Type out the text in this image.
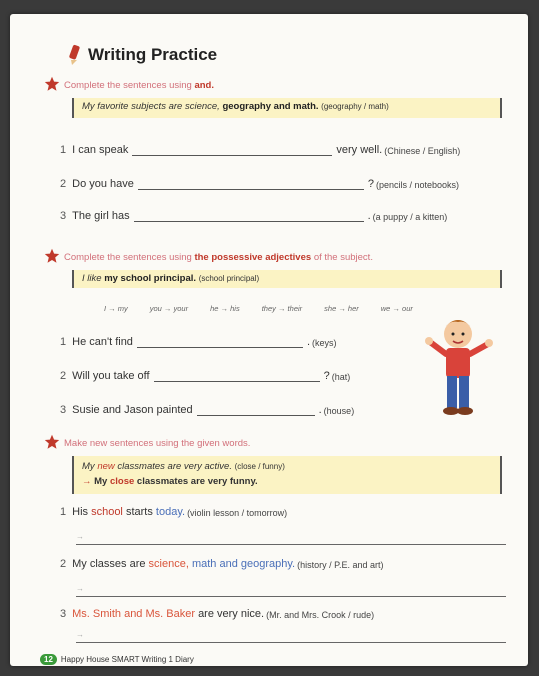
Writing Practice
Complete the sentences using and.
My favorite subjects are science, geography and math. (geography / math)
1 I can speak	very well. (Chinese / English)
2 Do you have	? (pencils / notebooks)
3 The girl has	. (a puppy / a kitten)
Complete the sentences using the possessive adjectives of the subject.
I like my school principal. (school principal)
I → my	you → your	he → his	they → their	she → her	we → our
1 He can't find	. (keys)
2 Will you take off	? (hat)
3 Susie and Jason painted	. (house)
Make new sentences using the given words.
My new classmates are very active. (close / funny)
→ My close classmates are very funny.
1 His
school
starts
today. (violin lesson / tomorrow)
→
2 My classes are
science,
math and geography. (history / P.E. and art)
→
3 Ms. Smith and Ms. Baker
are very nice. (Mr. and Mrs. Crook / rude)
→
12	Happy House SMART Writing 1 Diary
